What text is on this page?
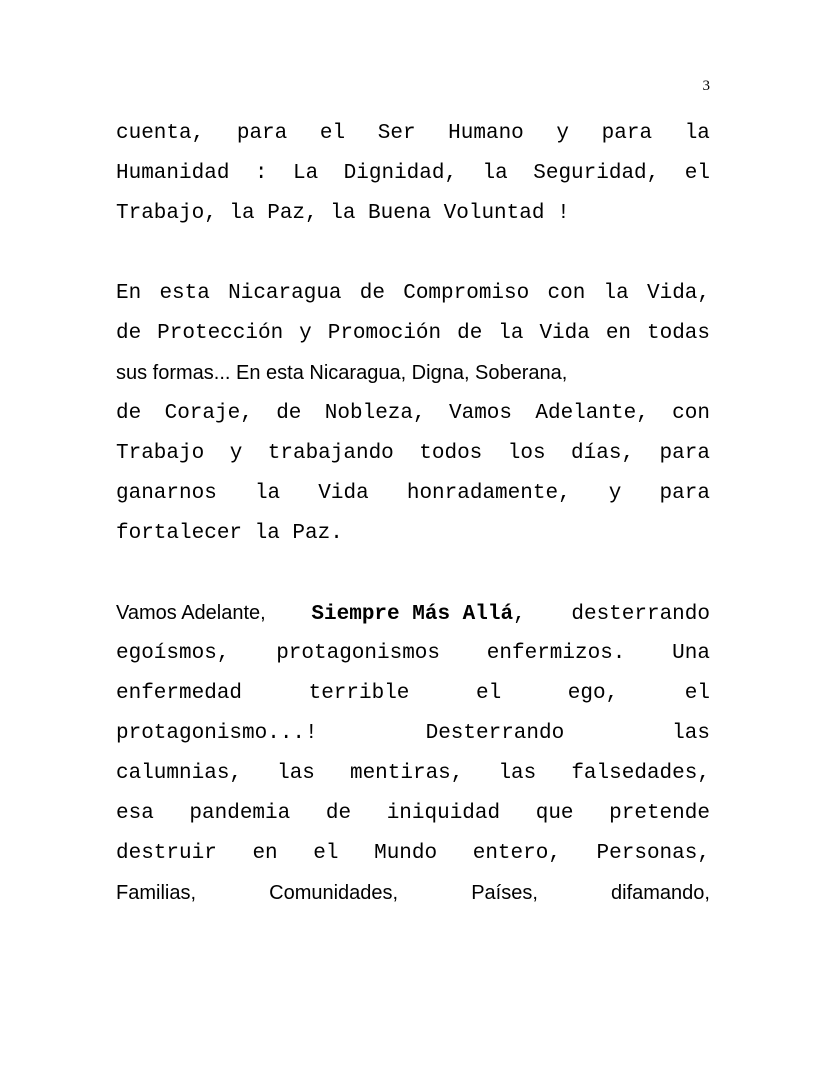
3
cuenta, para el Ser Humano y para la
Humanidad : La Dignidad, la Seguridad, el
Trabajo, la Paz, la Buena Voluntad !
En esta Nicaragua de Compromiso con la Vida,
de Protección y Promoción de la Vida en todas
sus formas... En esta Nicaragua, Digna, Soberana,
de Coraje, de Nobleza, Vamos Adelante, con
Trabajo y trabajando todos los días, para
ganarnos la Vida honradamente, y para
fortalecer la Paz.
Vamos Adelante, Siempre Más Allá, desterrando
egoísmos, protagonismos enfermizos. Una
enfermedad	terrible	el	ego,	el
protagonismo...!	Desterrando	las
calumnias, las mentiras, las falsedades,
esa pandemia de iniquidad que pretende
destruir en el Mundo entero, Personas,
Familias,	Comunidades,	Países,	difamando,
